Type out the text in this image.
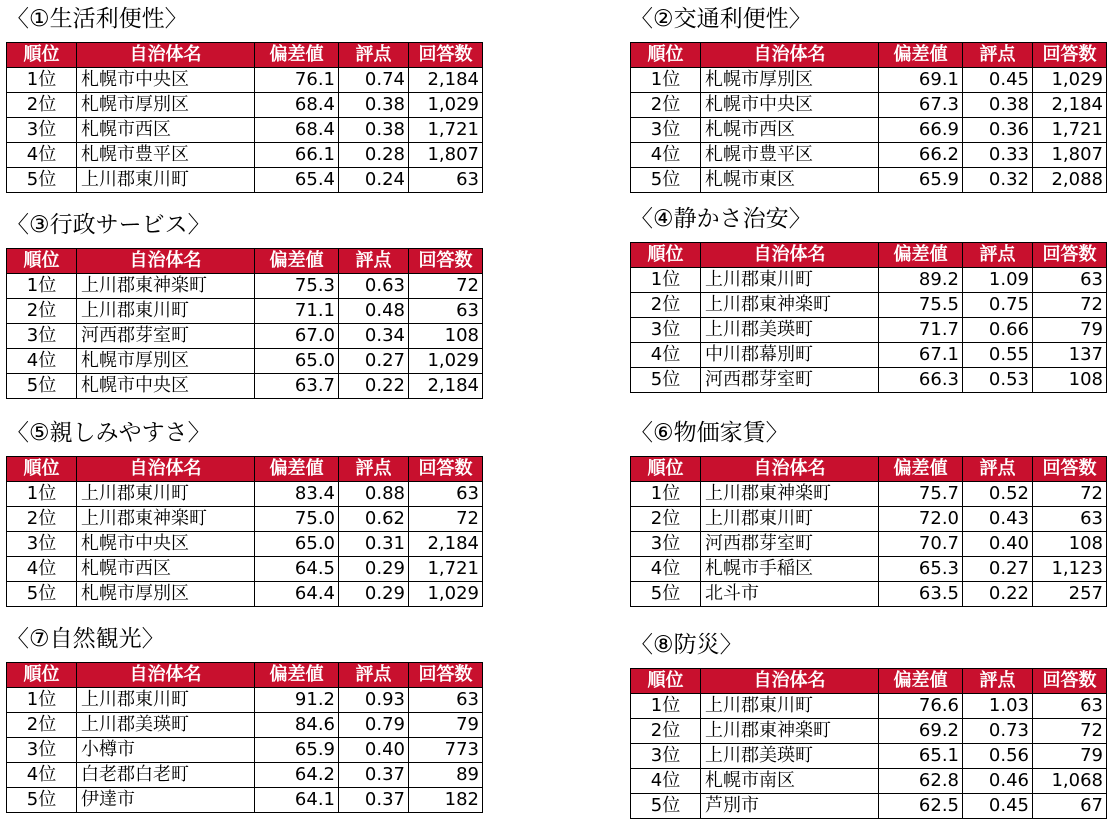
〈①生活利便性〉
順位	自治体名	偏差値	評点	回答数
1位	札幌市中央区	76.1	0.74	2,184
2位	札幌市厚別区	68.4	0.38	1,029
3位	札幌市西区	68.4	0.38	1,721
4位	札幌市豊平区	66.1	0.28	1,807
5位	上川郡東川町	65.4	0.24	63
〈②交通利便性〉
順位	自治体名	偏差値	評点	回答数
1位	札幌市厚別区	69.1	0.45	1,029
2位	札幌市中央区	67.3	0.38	2,184
3位	札幌市西区	66.9	0.36	1,721
4位	札幌市豊平区	66.2	0.33	1,807
5位	札幌市東区	65.9	0.32	2,088
〈③行政サービス〉
順位	自治体名	偏差値	評点	回答数
1位	上川郡東神楽町	75.3	0.63	72
2位	上川郡東川町	71.1	0.48	63
3位	河西郡芽室町	67.0	0.34	108
4位	札幌市厚別区	65.0	0.27	1,029
5位	札幌市中央区	63.7	0.22	2,184
〈④静かさ治安〉
順位	自治体名	偏差値	評点	回答数
1位	上川郡東川町	89.2	1.09	63
2位	上川郡東神楽町	75.5	0.75	72
3位	上川郡美瑛町	71.7	0.66	79
4位	中川郡幕別町	67.1	0.55	137
5位	河西郡芽室町	66.3	0.53	108
〈⑤親しみやすさ〉
順位	自治体名	偏差値	評点	回答数
1位	上川郡東川町	83.4	0.88	63
2位	上川郡東神楽町	75.0	0.62	72
3位	札幌市中央区	65.0	0.31	2,184
4位	札幌市西区	64.5	0.29	1,721
5位	札幌市厚別区	64.4	0.29	1,029
〈⑥物価家賃〉
順位	自治体名	偏差値	評点	回答数
1位	上川郡東神楽町	75.7	0.52	72
2位	上川郡東川町	72.0	0.43	63
3位	河西郡芽室町	70.7	0.40	108
4位	札幌市手稲区	65.3	0.27	1,123
5位	北斗市	63.5	0.22	257
〈⑦自然観光〉
順位	自治体名	偏差値	評点	回答数
1位	上川郡東川町	91.2	0.93	63
2位	上川郡美瑛町	84.6	0.79	79
3位	小樽市	65.9	0.40	773
4位	白老郡白老町	64.2	0.37	89
5位	伊達市	64.1	0.37	182
〈⑧防災〉
順位	自治体名	偏差値	評点	回答数
1位	上川郡東川町	76.6	1.03	63
2位	上川郡東神楽町	69.2	0.73	72
3位	上川郡美瑛町	65.1	0.56	79
4位	札幌市南区	62.8	0.46	1,068
5位	芦別市	62.5	0.45	67
